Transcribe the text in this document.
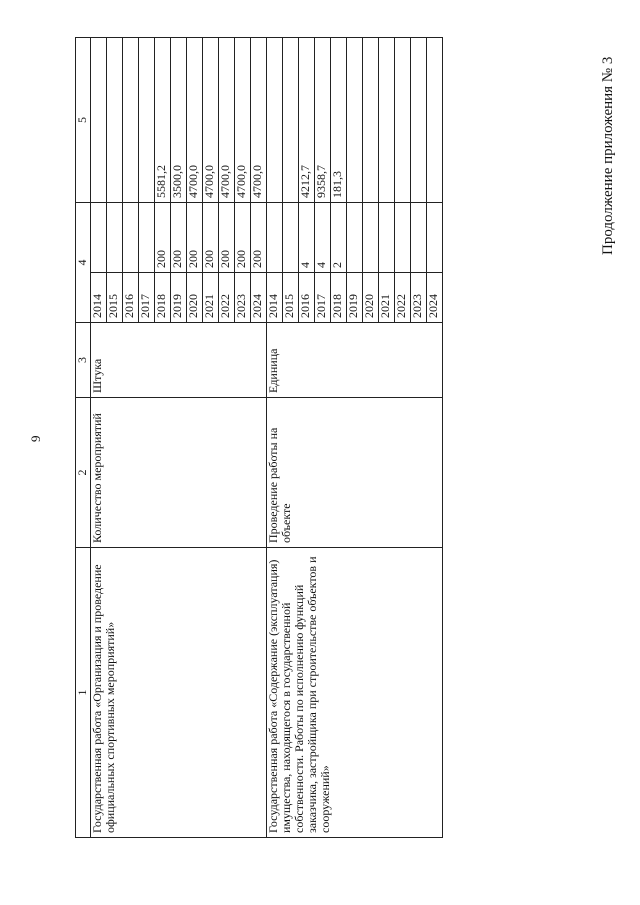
9
Продолжение приложения № 3
1	2	3	4		5
Государственная работа «Организация и проведение официальных спортивных мероприятий»	Количество мероприятий	Штука	2014		
			2015		
			2016		
			2017		
			2018	200	5581,2
			2019	200	3500,0
			2020	200	4700,0
			2021	200	4700,0
			2022	200	4700,0
			2023	200	4700,0
			2024	200	4700,0
Государственная работа «Содержание (эксплуатация) имущества, находящегося в государственной собственности. Работы по исполнению функций заказчика, застройщика при строительстве объектов и сооружений»	Проведение работы на объекте	Единица	2014		
			2015		
			2016	4	4212,7
			2017	4	9358,7
			2018	2	181,3
			2019		
			2020		
			2021		
			2022		
			2023		
			2024		
